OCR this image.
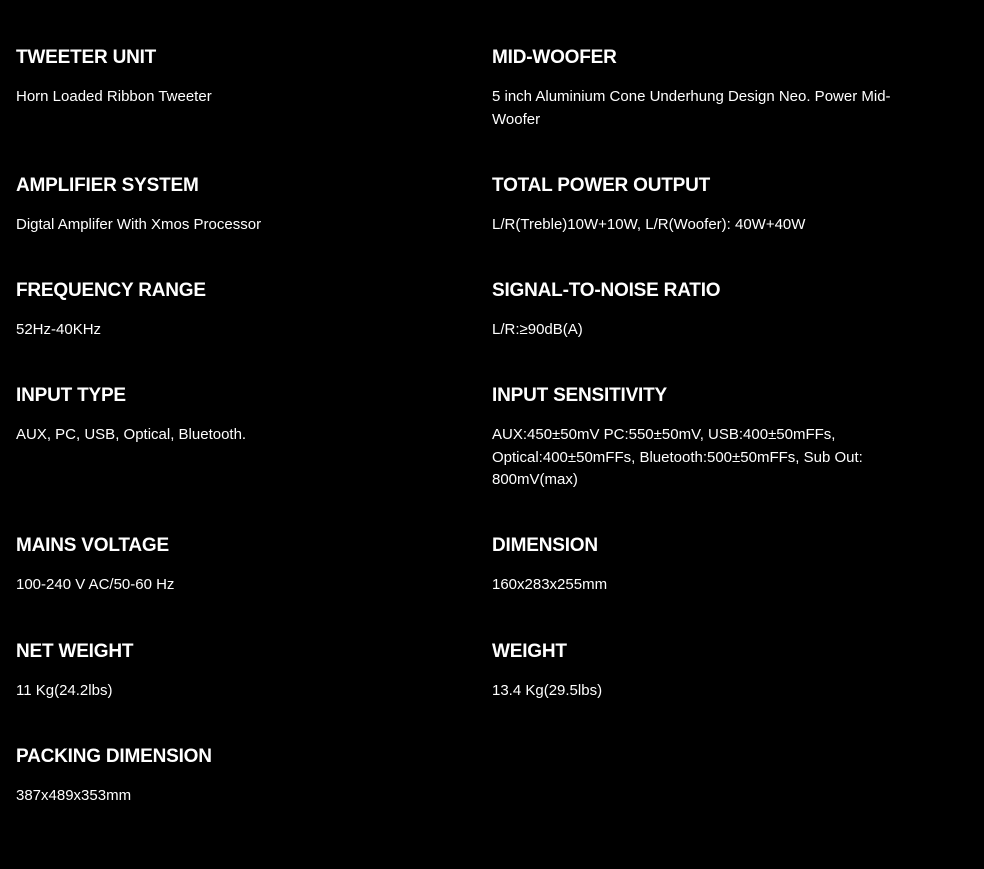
TWEETER UNIT

Horn Loaded Ribbon Tweeter

MID-WOOFER

5 inch Aluminium Cone Underhung Design Neo. Power Mid-Woofer

AMPLIFIER SYSTEM

Digtal Amplifer With Xmos Processor

TOTAL POWER OUTPUT

L/R(Treble)10W+10W, L/R(Woofer): 40W+40W

FREQUENCY RANGE

52Hz-40KHz

SIGNAL-TO-NOISE RATIO

L/R:≥90dB(A)

INPUT TYPE

AUX, PC, USB, Optical, Bluetooth.

INPUT SENSITIVITY

AUX:450±50mV PC:550±50mV, USB:400±50mFFs, Optical:400±50mFFs, Bluetooth:500±50mFFs, Sub Out: 800mV(max)

MAINS VOLTAGE

100-240 V AC/50-60 Hz

DIMENSION

160x283x255mm

NET WEIGHT

11 Kg(24.2lbs)

WEIGHT

13.4 Kg(29.5lbs)

PACKING DIMENSION

387x489x353mm
